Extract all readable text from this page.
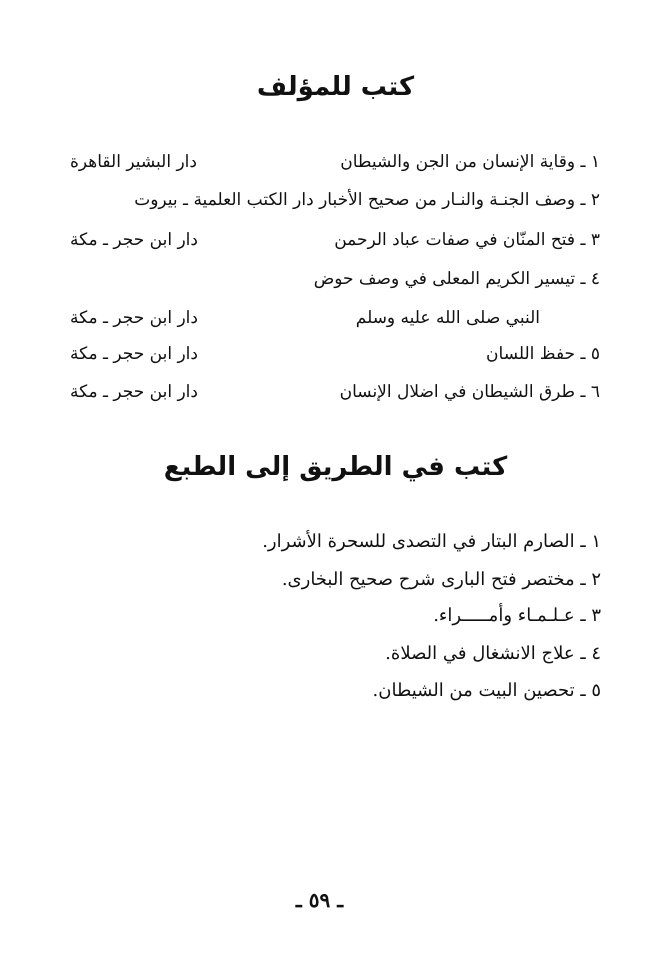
كتب للمؤلف
١ ـ وقاية الإنسان من الجن والشيطان
دار البشير القاهرة
٢ ـ وصف الجنـة والنـار من صحيح الأخبار دار الكتب العلمية ـ بيروت
٣ ـ فتح المنّان في صفات عباد الرحمن
دار ابن حجر ـ مكة
٤ ـ تيسير الكريم المعلى في وصف حوض
النبي صلى الله عليه وسلم
دار ابن حجر ـ مكة
٥ ـ حفظ اللسان
دار ابن حجر ـ مكة
٦ ـ طرق الشيطان في اضلال الإنسان
دار ابن حجر ـ مكة
كتب في الطريق إلى الطبع
١ ـ الصارم البتار في التصدى للسحرة الأشرار.
٢ ـ مختصر فتح البارى شرح صحيح البخارى.
٣ ـ عـلـمـاء وأمـــــراء.
٤ ـ علاج الانشغال في الصلاة.
٥ ـ تحصين البيت من الشيطان.
ـ ٥٩ ـ
